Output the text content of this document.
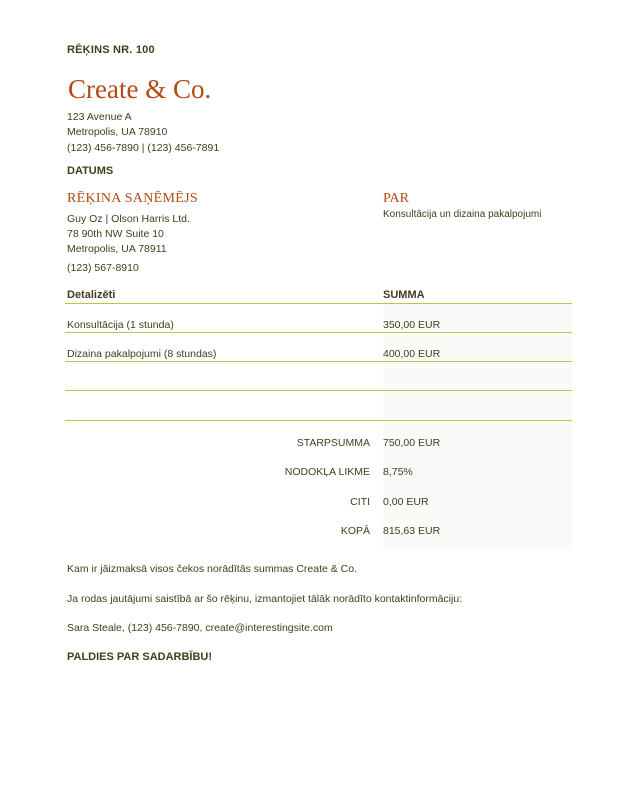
RĒĶINS NR. 100
Create & Co.
123 Avenue A
Metropolis, UA 78910
(123) 456-7890 | (123) 456-7891
DATUMS
RĒĶINA SAŅĒMĒJS
Guy Oz | Olson Harris Ltd.
78 90th NW Suite 10
Metropolis, UA 78911
(123) 567-8910
PAR
Konsultācija un dizaina pakalpojumi
Detalizēti	SUMMA
Konsultācija (1 stunda)	350,00 EUR
Dizaina pakalpojumi (8 stundas)	400,00 EUR
STARPSUMMA 750,00 EUR
NODOKĻA LIKME 8,75%
CITI 0,00 EUR
KOPĀ 815,63 EUR
Kam ir jāizmaksā visos čekos norādītās summas Create & Co.
Ja rodas jautājumi saistībā ar šo rēķinu, izmantojiet tālāk norādīto kontaktinformāciju:
Sara Steale, (123) 456-7890, create@interestingsite.com
PALDIES PAR SADARBĪBU!
